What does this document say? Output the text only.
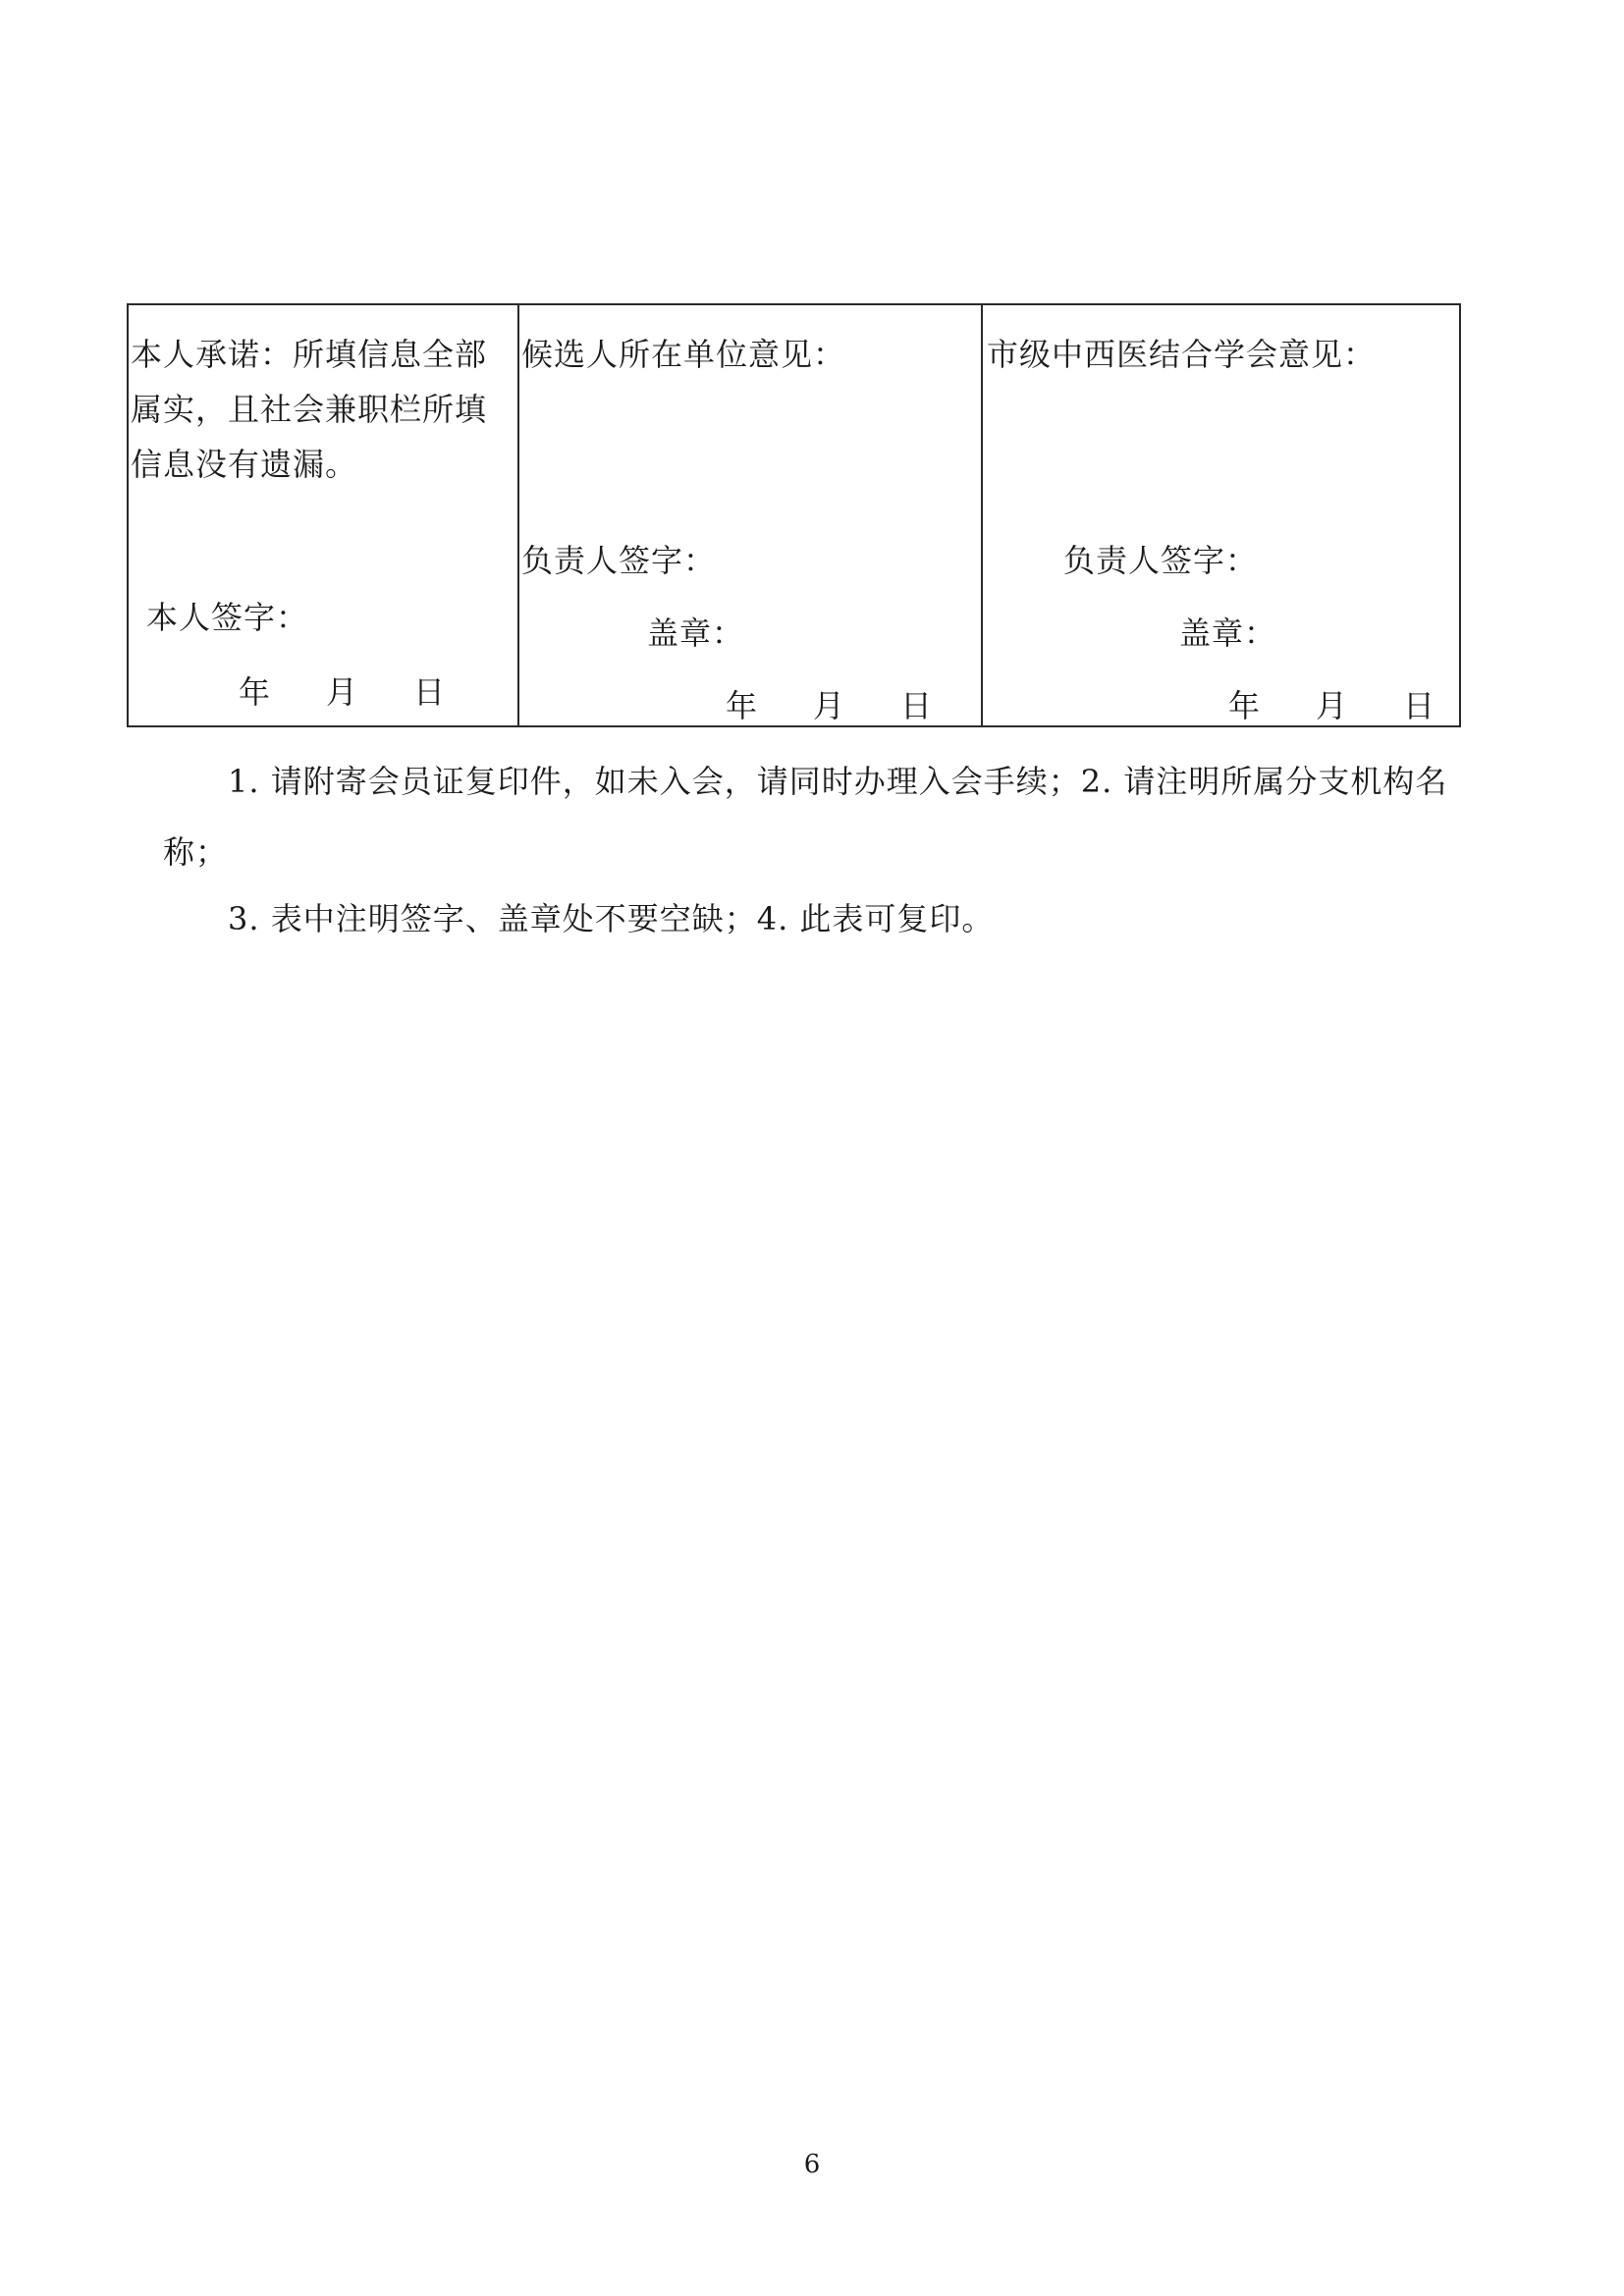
本人承诺：所填信息全部属实，且社会兼职栏所填信息没有遗漏。
本人签字：
年 月 日
候选人所在单位意见：
负责人签字：
盖章：
年 月 日
市级中西医结合学会意见：
负责人签字：
盖章：
年 月 日
1. 请附寄会员证复印件，如未入会，请同时办理入会手续；2. 请注明所属分支机构名
称；
3. 表中注明签字、盖章处不要空缺；4. 此表可复印。
6
